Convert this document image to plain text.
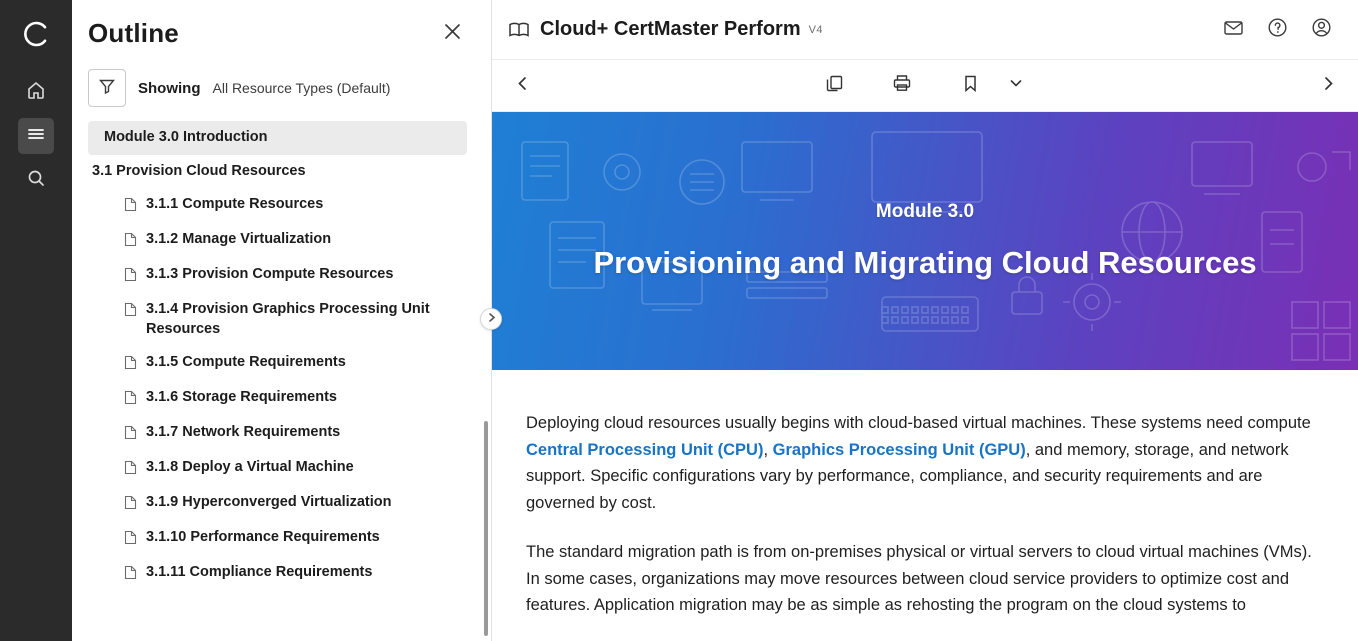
Outline
Showing All Resource Types (Default)
Module 3.0 Introduction
3.1 Provision Cloud Resources
3.1.1 Compute Resources
3.1.2 Manage Virtualization
3.1.3 Provision Compute Resources
3.1.4 Provision Graphics Processing Unit Resources
3.1.5 Compute Requirements
3.1.6 Storage Requirements
3.1.7 Network Requirements
3.1.8 Deploy a Virtual Machine
3.1.9 Hyperconverged Virtualization
3.1.10 Performance Requirements
3.1.11 Compliance Requirements
Cloud+ CertMaster Perform V4
Module 3.0
Provisioning and Migrating Cloud Resources

Deploying cloud resources usually begins with cloud-based virtual machines. These systems need compute Central Processing Unit (CPU), Graphics Processing Unit (GPU), and memory, storage, and network support. Specific configurations vary by performance, compliance, and security requirements and are governed by cost.

The standard migration path is from on-premises physical or virtual servers to cloud virtual machines (VMs). In some cases, organizations may move resources between cloud service providers to optimize cost and features. Application migration may be as simple as rehosting the program on the cloud systems to
